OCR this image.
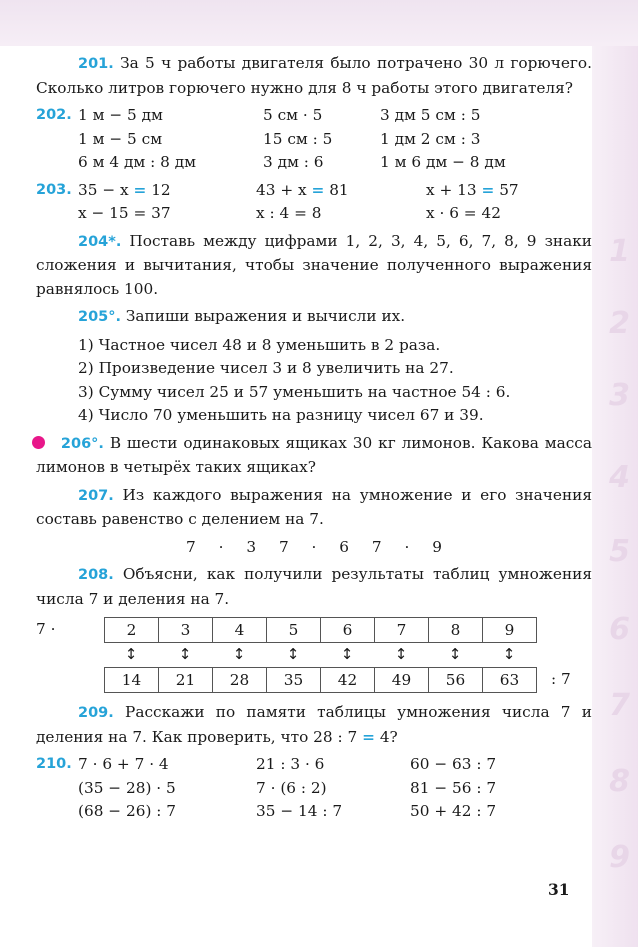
1
2
3
4
5
6
7
8
9

201. За 5 ч работы двигателя было потрачено 30 л горючего. Сколько литров горючего нужно для 8 ч работы этого двигателя?

202. 1 м − 5 дм	5 см · 5	3 дм 5 см : 5
1 м − 5 см	15 см : 5	1 дм 2 см : 3
6 м 4 дм : 8 дм	3 дм : 6	1 м 6 дм − 8 дм
203. 35 − x = 12	43 + x = 81	x + 13 = 57
x − 15 = 37	x : 4 = 8	x · 6 = 42

204*. Поставь между цифрами 1, 2, 3, 4, 5, 6, 7, 8, 9 знаки сложения и вычитания, чтобы значение полученного выражения равнялось 100.

205°. Запиши выражения и вычисли их.

1) Частное чисел 48 и 8 уменьшить в 2 раза.
2) Произведение чисел 3 и 8 увеличить на 27.
3) Сумму чисел 25 и 57 уменьшить на частное 54 : 6.
4) Число 70 уменьшить на разницу чисел 67 и 39.

206°. В шести одинаковых ящиках 30 кг лимонов. Какова масса лимонов в четырёх таких ящиках?

207. Из каждого выражения на умножение и его значения составь равенство с делением на 7.

7 · 3 7 · 6 7 · 9

208. Объясни, как получили результаты таблиц умножения числа 7 и деления на 7.

7 ·	2	3	4	5	6	7	8	9
↕	↕	↕	↕	↕	↕	↕	↕
14	21	28	35	42	49	56	63	: 7

209. Расскажи по памяти таблицы умножения числа 7 и деления на 7. Как проверить, что 28 : 7 = 4?

210. 7 · 6 + 7 · 4	21 : 3 · 6	60 − 63 : 7
(35 − 28) · 5	7 · (6 : 2)	81 − 56 : 7
(68 − 26) : 7	35 − 14 : 7	50 + 42 : 7
31
